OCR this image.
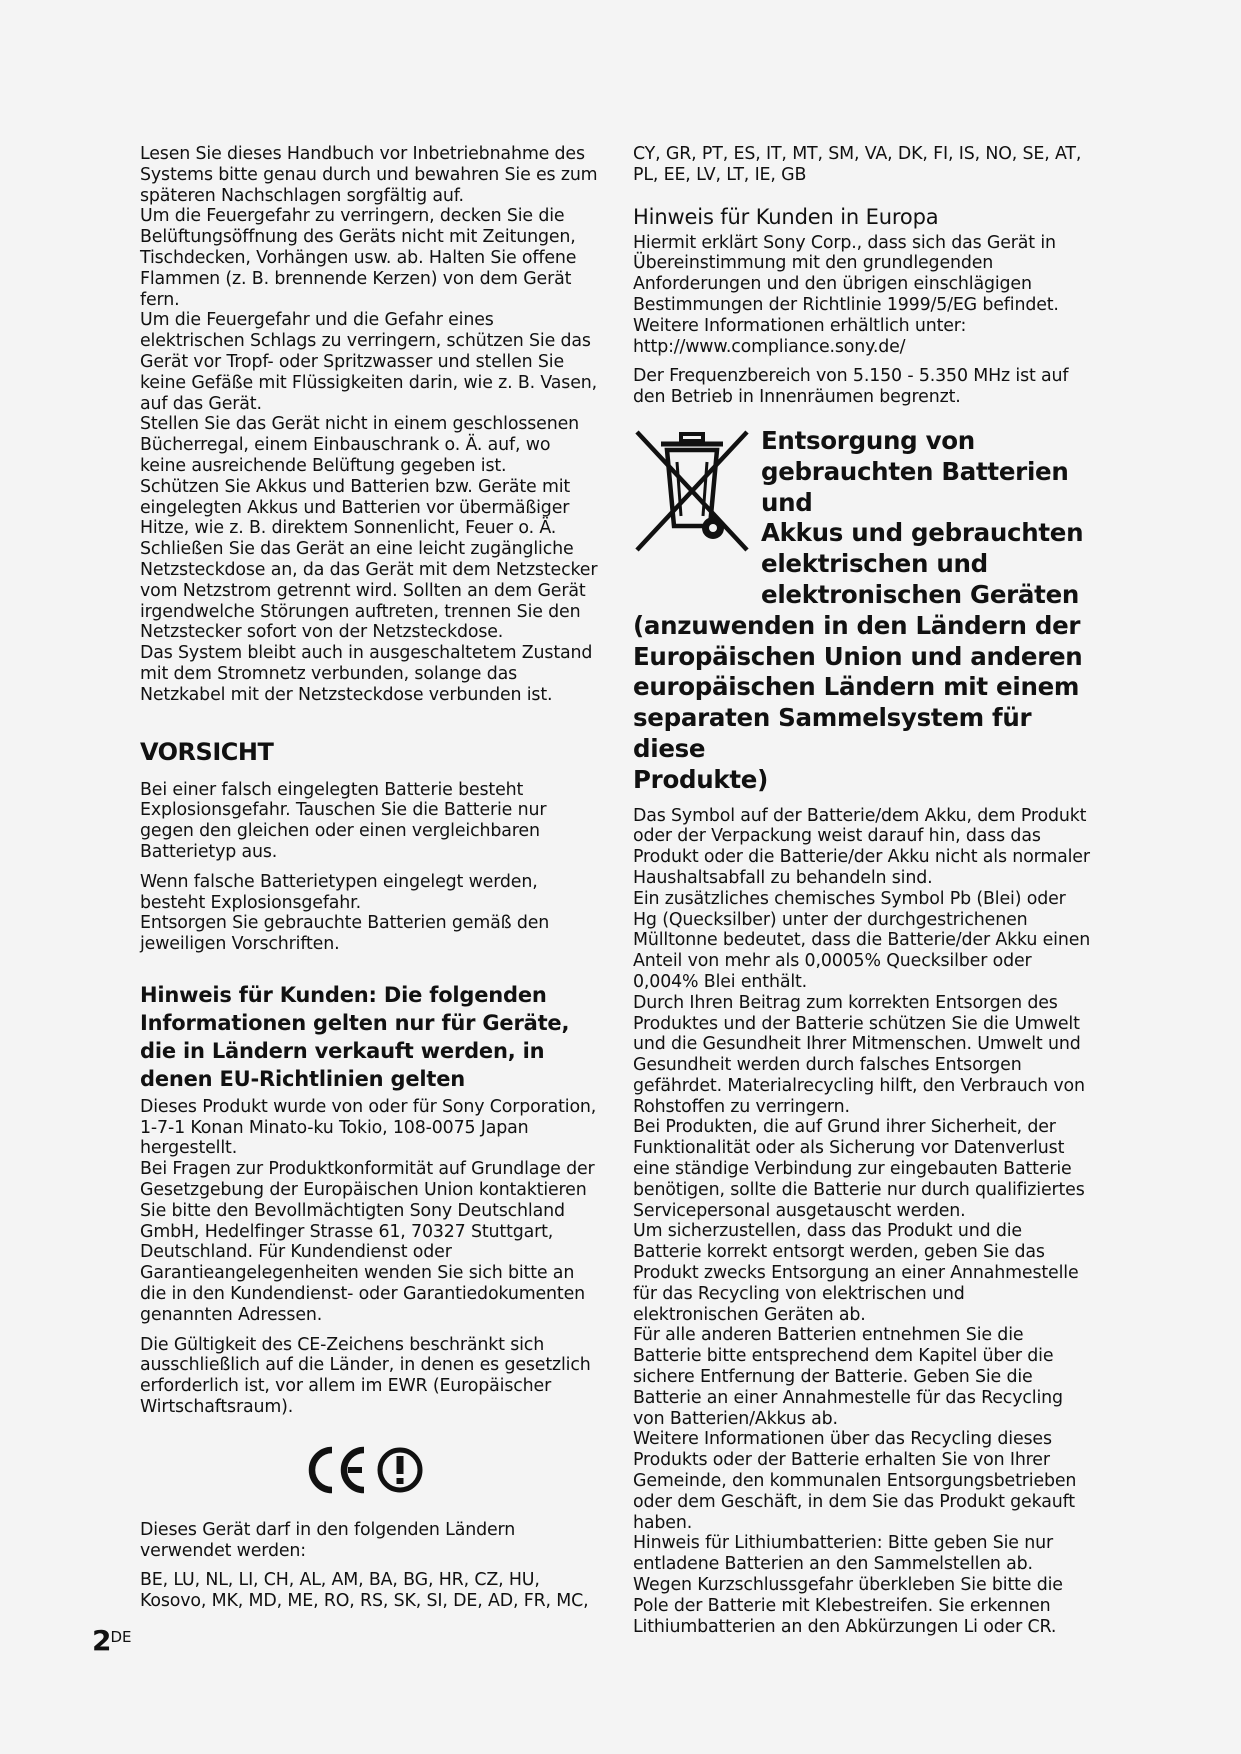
Lesen Sie dieses Handbuch vor Inbetriebnahme des Systems bitte genau durch und bewahren Sie es zum späteren Nachschlagen sorgfältig auf.

Um die Feuergefahr zu verringern, decken Sie die Belüftungsöffnung des Geräts nicht mit Zeitungen, Tischdecken, Vorhängen usw. ab. Halten Sie offene Flammen (z. B. brennende Kerzen) von dem Gerät fern.

Um die Feuergefahr und die Gefahr eines elektrischen Schlags zu verringern, schützen Sie das Gerät vor Tropf- oder Spritzwasser und stellen Sie keine Gefäße mit Flüssigkeiten darin, wie z. B. Vasen, auf das Gerät.

Stellen Sie das Gerät nicht in einem geschlossenen Bücherregal, einem Einbauschrank o. Ä. auf, wo keine ausreichende Belüftung gegeben ist.

Schützen Sie Akkus und Batterien bzw. Geräte mit eingelegten Akkus und Batterien vor übermäßiger Hitze, wie z. B. direktem Sonnenlicht, Feuer o. Ä.

Schließen Sie das Gerät an eine leicht zugängliche Netzsteckdose an, da das Gerät mit dem Netzstecker vom Netzstrom getrennt wird. Sollten an dem Gerät irgendwelche Störungen auftreten, trennen Sie den Netzstecker sofort von der Netzsteckdose.

Das System bleibt auch in ausgeschaltetem Zustand mit dem Stromnetz verbunden, solange das Netzkabel mit der Netzsteckdose verbunden ist.

VORSICHT

Bei einer falsch eingelegten Batterie besteht Explosionsgefahr. Tauschen Sie die Batterie nur gegen den gleichen oder einen vergleichbaren Batterietyp aus.

Wenn falsche Batterietypen eingelegt werden, besteht Explosionsgefahr.

Entsorgen Sie gebrauchte Batterien gemäß den jeweiligen Vorschriften.

Hinweis für Kunden: Die folgenden Informationen gelten nur für Geräte, die in Ländern verkauft werden, in denen EU-Richtlinien gelten

Dieses Produkt wurde von oder für Sony Corporation, 1-7-1 Konan Minato-ku Tokio, 108-0075 Japan hergestellt.

Bei Fragen zur Produktkonformität auf Grundlage der Gesetzgebung der Europäischen Union kontaktieren Sie bitte den Bevollmächtigten Sony Deutschland GmbH, Hedelfinger Strasse 61, 70327 Stuttgart, Deutschland. Für Kundendienst oder Garantieangelegenheiten wenden Sie sich bitte an die in den Kundendienst- oder Garantiedokumenten genannten Adressen.

Die Gültigkeit des CE-Zeichens beschränkt sich ausschließlich auf die Länder, in denen es gesetzlich erforderlich ist, vor allem im EWR (Europäischer Wirtschaftsraum).

Dieses Gerät darf in den folgenden Ländern verwendet werden:

BE, LU, NL, LI, CH, AL, AM, BA, BG, HR, CZ, HU, Kosovo, MK, MD, ME, RO, RS, SK, SI, DE, AD, FR, MC,

CY, GR, PT, ES, IT, MT, SM, VA, DK, FI, IS, NO, SE, AT, PL, EE, LV, LT, IE, GB

Hinweis für Kunden in Europa

Hiermit erklärt Sony Corp., dass sich das Gerät in Übereinstimmung mit den grundlegenden Anforderungen und den übrigen einschlägigen Bestimmungen der Richtlinie 1999/5/EG befindet.

Weitere Informationen erhältlich unter:

http://www.compliance.sony.de/

Der Frequenzbereich von 5.150 - 5.350 MHz ist auf den Betrieb in Innenräumen begrenzt.

Entsorgung von
gebrauchten Batterien und
Akkus und gebrauchten
elektrischen und
elektronischen Geräten
(anzuwenden in den Ländern der
Europäischen Union und anderen
europäischen Ländern mit einem
separaten Sammelsystem für diese
Produkte)

Das Symbol auf der Batterie/dem Akku, dem Produkt oder der Verpackung weist darauf hin, dass das Produkt oder die Batterie/der Akku nicht als normaler Haushaltsabfall zu behandeln sind.

Ein zusätzliches chemisches Symbol Pb (Blei) oder Hg (Quecksilber) unter der durchgestrichenen Mülltonne bedeutet, dass die Batterie/der Akku einen Anteil von mehr als 0,0005% Quecksilber oder 0,004% Blei enthält.

Durch Ihren Beitrag zum korrekten Entsorgen des Produktes und der Batterie schützen Sie die Umwelt und die Gesundheit Ihrer Mitmenschen. Umwelt und Gesundheit werden durch falsches Entsorgen gefährdet. Materialrecycling hilft, den Verbrauch von Rohstoffen zu verringern.

Bei Produkten, die auf Grund ihrer Sicherheit, der Funktionalität oder als Sicherung vor Datenverlust eine ständige Verbindung zur eingebauten Batterie benötigen, sollte die Batterie nur durch qualifiziertes Servicepersonal ausgetauscht werden.

Um sicherzustellen, dass das Produkt und die Batterie korrekt entsorgt werden, geben Sie das Produkt zwecks Entsorgung an einer Annahmestelle für das Recycling von elektrischen und elektronischen Geräten ab.

Für alle anderen Batterien entnehmen Sie die Batterie bitte entsprechend dem Kapitel über die sichere Entfernung der Batterie. Geben Sie die Batterie an einer Annahmestelle für das Recycling von Batterien/Akkus ab.

Weitere Informationen über das Recycling dieses Produkts oder der Batterie erhalten Sie von Ihrer Gemeinde, den kommunalen Entsorgungsbetrieben oder dem Geschäft, in dem Sie das Produkt gekauft haben.

Hinweis für Lithiumbatterien: Bitte geben Sie nur entladene Batterien an den Sammelstellen ab.

Wegen Kurzschlussgefahr überkleben Sie bitte die Pole der Batterie mit Klebestreifen. Sie erkennen Lithiumbatterien an den Abkürzungen Li oder CR.

2DE
